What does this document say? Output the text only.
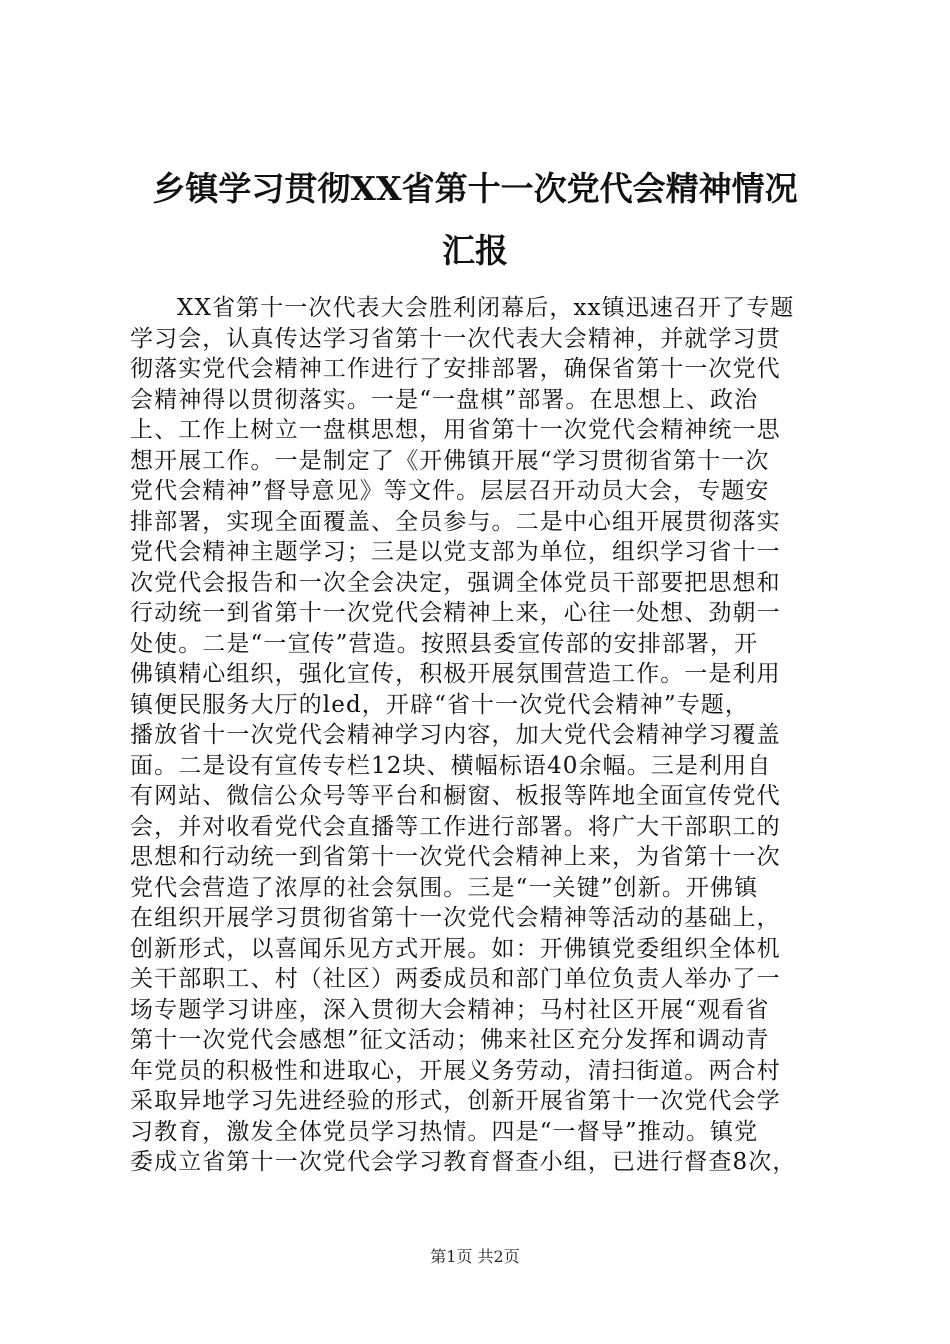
乡镇学习贯彻XX省第十一次党代会精神情况
汇报
XX省第十一次代表大会胜利闭幕后，xx镇迅速召开了专题
学习会，认真传达学习省第十一次代表大会精神，并就学习贯
彻落实党代会精神工作进行了安排部署，确保省第十一次党代
会精神得以贯彻落实。一是“一盘棋”部署。在思想上、政治
上、工作上树立一盘棋思想，用省第十一次党代会精神统一思
想开展工作。一是制定了《开佛镇开展“学习贯彻省第十一次
党代会精神”督导意见》等文件。层层召开动员大会，专题安
排部署，实现全面覆盖、全员参与。二是中心组开展贯彻落实
党代会精神主题学习；三是以党支部为单位，组织学习省十一
次党代会报告和一次全会决定，强调全体党员干部要把思想和
行动统一到省第十一次党代会精神上来，心往一处想、劲朝一
处使。二是“一宣传”营造。按照县委宣传部的安排部署，开
佛镇精心组织，强化宣传，积极开展氛围营造工作。一是利用
镇便民服务大厅的led，开辟“省十一次党代会精神”专题，
播放省十一次党代会精神学习内容，加大党代会精神学习覆盖
面。二是设有宣传专栏12块、横幅标语40余幅。三是利用自
有网站、微信公众号等平台和橱窗、板报等阵地全面宣传党代
会，并对收看党代会直播等工作进行部署。将广大干部职工的
思想和行动统一到省第十一次党代会精神上来，为省第十一次
党代会营造了浓厚的社会氛围。三是“一关键”创新。开佛镇
在组织开展学习贯彻省第十一次党代会精神等活动的基础上，
创新形式，以喜闻乐见方式开展。如：开佛镇党委组织全体机
关干部职工、村（社区）两委成员和部门单位负责人举办了一
场专题学习讲座，深入贯彻大会精神；马村社区开展“观看省
第十一次党代会感想”征文活动；佛来社区充分发挥和调动青
年党员的积极性和进取心，开展义务劳动，清扫街道。两合村
采取异地学习先进经验的形式，创新开展省第十一次党代会学
习教育，激发全体党员学习热情。四是“一督导”推动。镇党
委成立省第十一次党代会学习教育督查小组，已进行督查8次，
第1页 共2页
